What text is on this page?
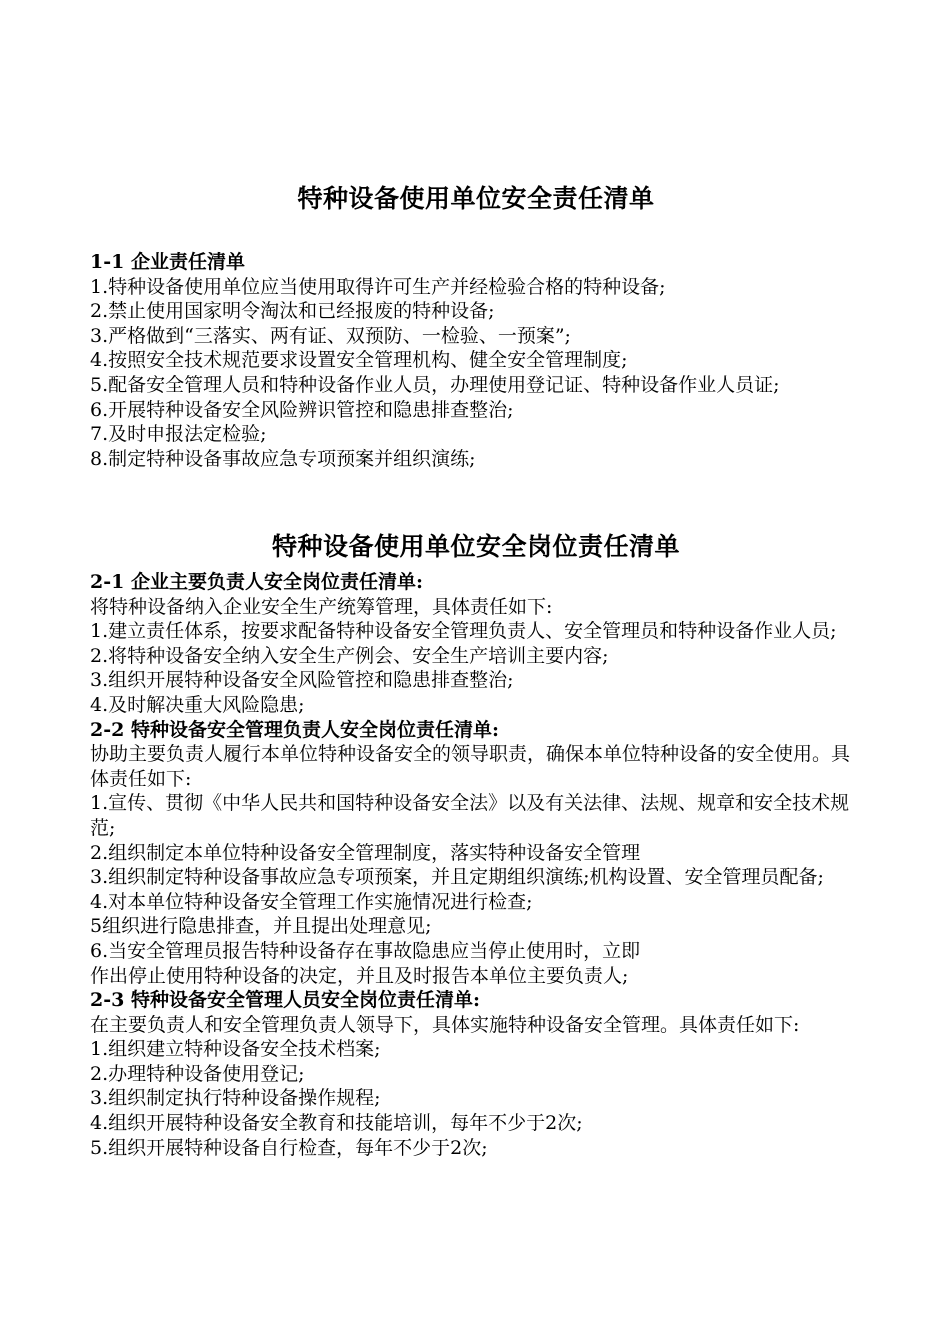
特种设备使用单位安全责任清单

1-1 企业责任清单

1.特种设备使用单位应当使用取得许可生产并经检验合格的特种设备;

2.禁止使用国家明令淘汰和已经报废的特种设备;

3.严格做到“三落实、两有证、双预防、一检验、一预案”;

4.按照安全技术规范要求设置安全管理机构、健全安全管理制度;

5.配备安全管理人员和特种设备作业人员，办理使用登记证、特种设备作业人员证;

6.开展特种设备安全风险辨识管控和隐患排查整治;

7.及时申报法定检验;

8.制定特种设备事故应急专项预案并组织演练;

特种设备使用单位安全岗位责任清单

2-1 企业主要负责人安全岗位责任清单:

将特种设备纳入企业安全生产统筹管理，具体责任如下:

1.建立责任体系，按要求配备特种设备安全管理负责人、安全管理员和特种设备作业人员;

2.将特种设备安全纳入安全生产例会、安全生产培训主要内容;

3.组织开展特种设备安全风险管控和隐患排查整治;

4.及时解决重大风险隐患;

2-2 特种设备安全管理负责人安全岗位责任清单:

协助主要负责人履行本单位特种设备安全的领导职责，确保本单位特种设备的安全使用。具体责任如下:

1.宣传、贯彻《中华人民共和国特种设备安全法》以及有关法律、法规、规章和安全技术规范;

2.组织制定本单位特种设备安全管理制度，落实特种设备安全管理

3.组织制定特种设备事故应急专项预案，并且定期组织演练;机构设置、安全管理员配备;

4.对本单位特种设备安全管理工作实施情况进行检查;

5组织进行隐患排查，并且提出处理意见;

6.当安全管理员报告特种设备存在事故隐患应当停止使用时，立即

作出停止使用特种设备的决定，并且及时报告本单位主要负责人;

2-3 特种设备安全管理人员安全岗位责任清单:

在主要负责人和安全管理负责人领导下，具体实施特种设备安全管理。具体责任如下:

1.组织建立特种设备安全技术档案;

2.办理特种设备使用登记;

3.组织制定执行特种设备操作规程;

4.组织开展特种设备安全教育和技能培训，每年不少于2次;

5.组织开展特种设备自行检查，每年不少于2次;
